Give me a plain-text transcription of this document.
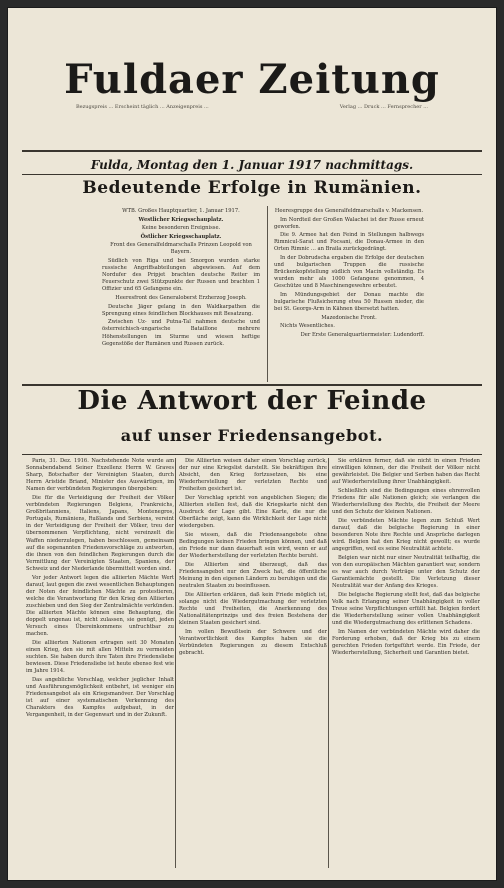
Fuldaer Zeitung
Bezugspreis ... Erscheint täglich ... Anzeigenpreis ...	Verlag ... Druck ... Fernsprecher ...
Fulda, Montag den 1. Januar 1917 nachmittags.
Bedeutende Erfolge in Rumänien.

WTB. Großes Hauptquartier, 1. Januar 1917.

Westlicher Kriegsschauplatz.

Keine besonderen Ereignisse.

Östlicher Kriegsschauplatz.

Front des Generalfeldmarschalls Prinzen Leopold von Bayern.

Südlich von Riga und bei Smorgon wurden starke russische Angriffsabteilungen abgewiesen. Auf dem Nordufer des Pripjet brachten deutsche Reiter im Feuerschutz zwei Stützpunkte der Russen und brachten 1 Offizier und 65 Gefangene ein.

Heeresfront des Generaloberst Erzherzog Joseph.

Deutsche Jäger gelang in den Waldkarpathen die Sprengung eines feindlichen Blockhauses mit Besatzung.

Zwischen Uz- und Putna-Tal nahmen deutsche und österreichisch-ungarische Bataillone mehrere Höhenstellungen im Sturme und wiesen heftige Gegenstöße der Rumänen und Russen zurück.

Heeresgruppe des Generalfeldmarschalls v. Mackensen.

Im Nordteil der Großen Walachei ist der Russe erneut geworfen.

Die 9. Armee hat den Feind in Stellungen halbwegs Rimnicul-Sarat und Focsani, die Donau-Armee in den Orten Rimnic ... an Braila zurückgedrängt.

In der Dobrudscha ergaben die Erfolge der deutschen und bulgarischen Truppen die russische Brückenkopfstellung südlich von Macin vollständig. Es wurden mehr als 1000 Gefangene genommen, 4 Geschütze und 8 Maschinengewehre erbeutet.

Im Mündungsgebiet der Donau machte die bulgarische Flußsicherung etwa 50 Russen nieder, die bei St. Georgs-Arm in Kähnen übersetzt hatten.

Mazedonische Front.

Nichts Wesentliches.

Der Erste Generalquartiermeister: Ludendorff.

Die Antwort der Feinde
auf unser Friedensangebot.

Paris, 31. Dez. 1916. Nachstehende Note wurde am Sonnabendabend Seiner Exzellenz Herrn W. Graves Sharp, Botschafter der Vereinigten Staaten, durch Herrn Aristide Briand, Minister des Auswärtigen, im Namen der verbündeten Regierungen übergeben:

Die für die Verteidigung der Freiheit der Völker verbündeten Regierungen Belgiens, Frankreichs, Großbritanniens, Italiens, Japans, Montenegros, Portugals, Rumäniens, Rußlands und Serbiens, vereint in der Verteidigung der Freiheit der Völker, treu der übernommenen Verpflichtung, nicht vereinzelt die Waffen niederzulegen, haben beschlossen, gemeinsam auf die sogenannten Friedensvorschläge zu antworten, die ihnen von den feindlichen Regierungen durch die Vermittlung der Vereinigten Staaten, Spaniens, der Schweiz und der Niederlande übermittelt worden sind.

Vor jeder Antwort legen die alliierten Mächte Wert darauf, laut gegen die zwei wesentlichen Behauptungen der Noten der feindlichen Mächte zu protestieren, welche die Verantwortung für den Krieg den Alliierten zuschieben und den Sieg der Zentralmächte verkünden. Die alliierten Mächte können eine Behauptung, die doppelt ungenau ist, nicht zulassen, sie genügt, jeden Versuch eines Übereinkommens unfruchtbar zu machen.

Die alliierten Nationen ertragen seit 30 Monaten einen Krieg, den sie mit allen Mitteln zu vermeiden suchten. Sie haben durch ihre Taten ihre Friedensliebe bewiesen. Diese Friedensliebe ist heute ebenso fest wie im Jahre 1914.

Das angebliche Vorschlag, welcher jeglicher Inhalt und Ausführungsmöglichkeit entbehrt, ist weniger ein Friedensangebot als ein Kriegsmanöver. Der Vorschlag ist auf einer systematischen Verkennung des Charakters des Kampfes aufgebaut, in der Vergangenheit, in der Gegenwart und in der Zukunft.

Die Alliierten weisen daher einen Vorschlag zurück, der nur eine Kriegslist darstellt. Sie bekräftigen ihre Absicht, den Krieg fortzusetzen, bis eine Wiederherstellung der verletzten Rechte und Freiheiten gesichert ist.

Der Vorschlag spricht von angeblichen Siegen; die Alliierten stellen fest, daß die Kriegskarte nicht den Ausdruck der Lage gibt. Eine Karte, die nur die Oberfläche zeigt, kann die Wirklichkeit der Lage nicht wiedergeben.

Sie wissen, daß die Friedensangebote ohne Bedingungen keinen Frieden bringen können, und daß ein Friede nur dann dauerhaft sein wird, wenn er auf der Wiederherstellung der verletzten Rechte beruht.

Die Alliierten sind überzeugt, daß das Friedensangebot nur den Zweck hat, die öffentliche Meinung in den eigenen Ländern zu beruhigen und die neutralen Staaten zu beeinflussen.

Die Alliierten erklären, daß kein Friede möglich ist, solange nicht die Wiedergutmachung der verletzten Rechte und Freiheiten, die Anerkennung des Nationalitätenprinzips und des freien Bestehens der kleinen Staaten gesichert sind.

Im vollen Bewußtsein der Schwere und der Verantwortlichkeit des Kampfes haben sie die Verbündeten Regierungen zu diesem Entschluß gebracht.

Sie erklären ferner, daß sie nicht in einen Frieden einwilligen können, der die Freiheit der Völker nicht gewährleistet. Die Belgier und Serben haben das Recht auf Wiederherstellung ihrer Unabhängigkeit.

Schließlich sind die Bedingungen eines ehrenvollen Friedens für alle Nationen gleich; sie verlangen die Wiederherstellung des Rechts, die Freiheit der Meere und den Schutz der kleinen Nationen.

Die verbündeten Mächte legen zum Schluß Wert darauf, daß die belgische Regierung in einer besonderen Note ihre Rechte und Ansprüche darlegen wird. Belgien hat den Krieg nicht gewollt; es wurde angegriffen, weil es seine Neutralität achtete.

Belgien war nicht nur einer Neutralität teilhaftig, die von den europäischen Mächten garantiert war, sondern es war auch durch Verträge unter den Schutz der Garantiemächte gestellt. Die Verletzung dieser Neutralität war der Anfang des Krieges.

Die belgische Regierung stellt fest, daß das belgische Volk nach Erlangung seiner Unabhängigkeit in voller Treue seine Verpflichtungen erfüllt hat. Belgien fordert die Wiederherstellung seiner vollen Unabhängigkeit und die Wiedergutmachung des erlittenen Schadens.

Im Namen der verbündeten Mächte wird daher die Forderung erhoben, daß der Krieg bis zu einem gerechten Frieden fortgeführt werde. Ein Friede, der Wiederherstellung, Sicherheit und Garantien bietet.
